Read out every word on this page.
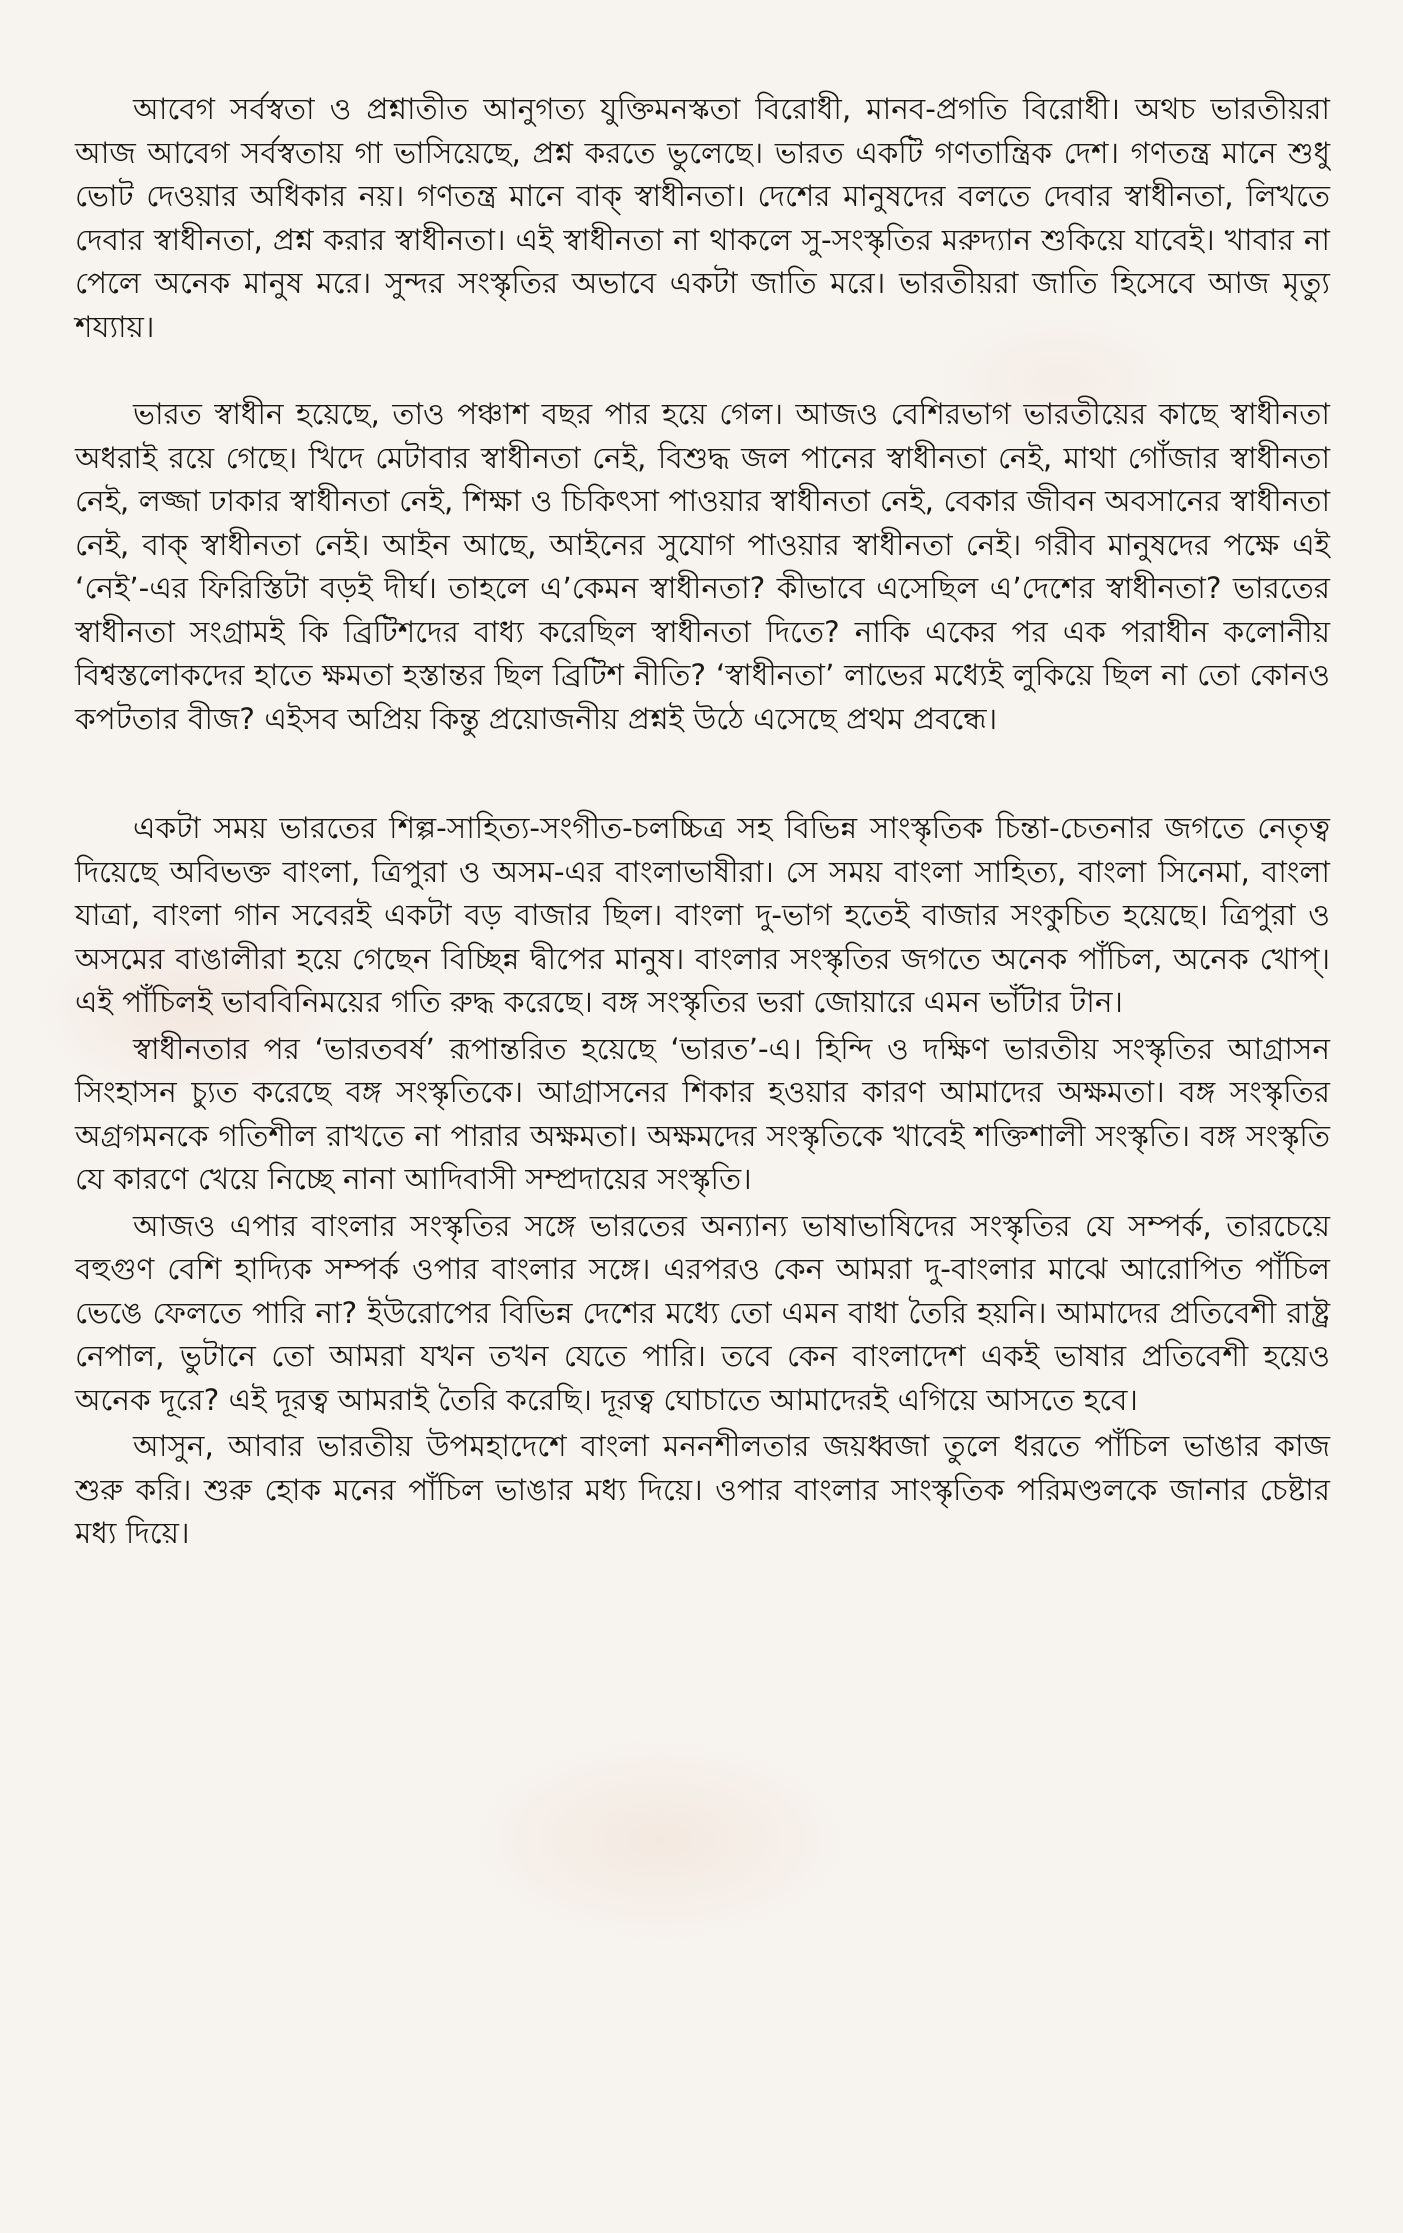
আবেগ সর্বস্বতা ও প্রশ্নাতীত আনুগত্য যুক্তিমনস্কতা বিরোধী, মানব-প্রগতি বিরোধী। অথচ ভারতীয়রা আজ আবেগ সর্বস্বতায় গা ভাসিয়েছে, প্রশ্ন করতে ভুলেছে। ভারত একটি গণতান্ত্রিক দেশ। গণতন্ত্র মানে শুধু ভোট দেওয়ার অধিকার নয়। গণতন্ত্র মানে বাক্ স্বাধীনতা। দেশের মানুষদের বলতে দেবার স্বাধীনতা, লিখতে দেবার স্বাধীনতা, প্রশ্ন করার স্বাধীনতা। এই স্বাধীনতা না থাকলে সু-সংস্কৃতির মরুদ্যান শুকিয়ে যাবেই। খাবার না পেলে অনেক মানুষ মরে। সুন্দর সংস্কৃতির অভাবে একটা জাতি মরে। ভারতীয়রা জাতি হিসেবে আজ মৃত্যু শয্যায়।

ভারত স্বাধীন হয়েছে, তাও পঞ্চাশ বছর পার হয়ে গেল। আজও বেশিরভাগ ভারতীয়ের কাছে স্বাধীনতা অধরাই রয়ে গেছে। খিদে মেটাবার স্বাধীনতা নেই, বিশুদ্ধ জল পানের স্বাধীনতা নেই, মাথা গোঁজার স্বাধীনতা নেই, লজ্জা ঢাকার স্বাধীনতা নেই, শিক্ষা ও চিকিৎসা পাওয়ার স্বাধীনতা নেই, বেকার জীবন অবসানের স্বাধীনতা নেই, বাক্ স্বাধীনতা নেই। আইন আছে, আইনের সুযোগ পাওয়ার স্বাধীনতা নেই। গরীব মানুষদের পক্ষে এই ‘নেই’-এর ফিরিস্তিটা বড়ই দীর্ঘ। তাহলে এ’কেমন স্বাধীনতা? কীভাবে এসেছিল এ’দেশের স্বাধীনতা? ভারতের স্বাধীনতা সংগ্রামই কি ব্রিটিশদের বাধ্য করেছিল স্বাধীনতা দিতে? নাকি একের পর এক পরাধীন কলোনীয় বিশ্বস্তলোকদের হাতে ক্ষমতা হস্তান্তর ছিল ব্রিটিশ নীতি? ‘স্বাধীনতা’ লাভের মধ্যেই লুকিয়ে ছিল না তো কোনও কপটতার বীজ? এইসব অপ্রিয় কিন্তু প্রয়োজনীয় প্রশ্নই উঠে এসেছে প্রথম প্রবন্ধে।

একটা সময় ভারতের শিল্প-সাহিত্য-সংগীত-চলচ্চিত্র সহ বিভিন্ন সাংস্কৃতিক চিন্তা-চেতনার জগতে নেতৃত্ব দিয়েছে অবিভক্ত বাংলা, ত্রিপুরা ও অসম-এর বাংলাভাষীরা। সে সময় বাংলা সাহিত্য, বাংলা সিনেমা, বাংলা যাত্রা, বাংলা গান সবেরই একটা বড় বাজার ছিল। বাংলা দু-ভাগ হতেই বাজার সংকুচিত হয়েছে। ত্রিপুরা ও অসমের বাঙালীরা হয়ে গেছেন বিচ্ছিন্ন দ্বীপের মানুষ। বাংলার সংস্কৃতির জগতে অনেক পাঁচিল, অনেক খোপ্। এই পাঁচিলই ভাববিনিময়ের গতি রুদ্ধ করেছে। বঙ্গ সংস্কৃতির ভরা জোয়ারে এমন ভাঁটার টান।

স্বাধীনতার পর ‘ভারতবর্ষ’ রূপান্তরিত হয়েছে ‘ভারত’-এ। হিন্দি ও দক্ষিণ ভারতীয় সংস্কৃতির আগ্রাসন সিংহাসন চ্যুত করেছে বঙ্গ সংস্কৃতিকে। আগ্রাসনের শিকার হওয়ার কারণ আমাদের অক্ষমতা। বঙ্গ সংস্কৃতির অগ্রগমনকে গতিশীল রাখতে না পারার অক্ষমতা। অক্ষমদের সংস্কৃতিকে খাবেই শক্তিশালী সংস্কৃতি। বঙ্গ সংস্কৃতি যে কারণে খেয়ে নিচ্ছে নানা আদিবাসী সম্প্রদায়ের সংস্কৃতি।

আজও এপার বাংলার সংস্কৃতির সঙ্গে ভারতের অন্যান্য ভাষাভাষিদের সংস্কৃতির যে সম্পর্ক, তারচেয়ে বহুগুণ বেশি হাদ্যিক সম্পর্ক ওপার বাংলার সঙ্গে। এরপরও কেন আমরা দু-বাংলার মাঝে আরোপিত পাঁচিল ভেঙে ফেলতে পারি না? ইউরোপের বিভিন্ন দেশের মধ্যে তো এমন বাধা তৈরি হয়নি। আমাদের প্রতিবেশী রাষ্ট্র নেপাল, ভুটানে তো আমরা যখন তখন যেতে পারি। তবে কেন বাংলাদেশ একই ভাষার প্রতিবেশী হয়েও অনেক দূরে? এই দূরত্ব আমরাই তৈরি করেছি। দূরত্ব ঘোচাতে আমাদেরই এগিয়ে আসতে হবে।

আসুন, আবার ভারতীয় উপমহাদেশে বাংলা মননশীলতার জয়ধ্বজা তুলে ধরতে পাঁচিল ভাঙার কাজ শুরু করি। শুরু হোক মনের পাঁচিল ভাঙার মধ্য দিয়ে। ওপার বাংলার সাংস্কৃতিক পরিমণ্ডলকে জানার চেষ্টার মধ্য দিয়ে।
